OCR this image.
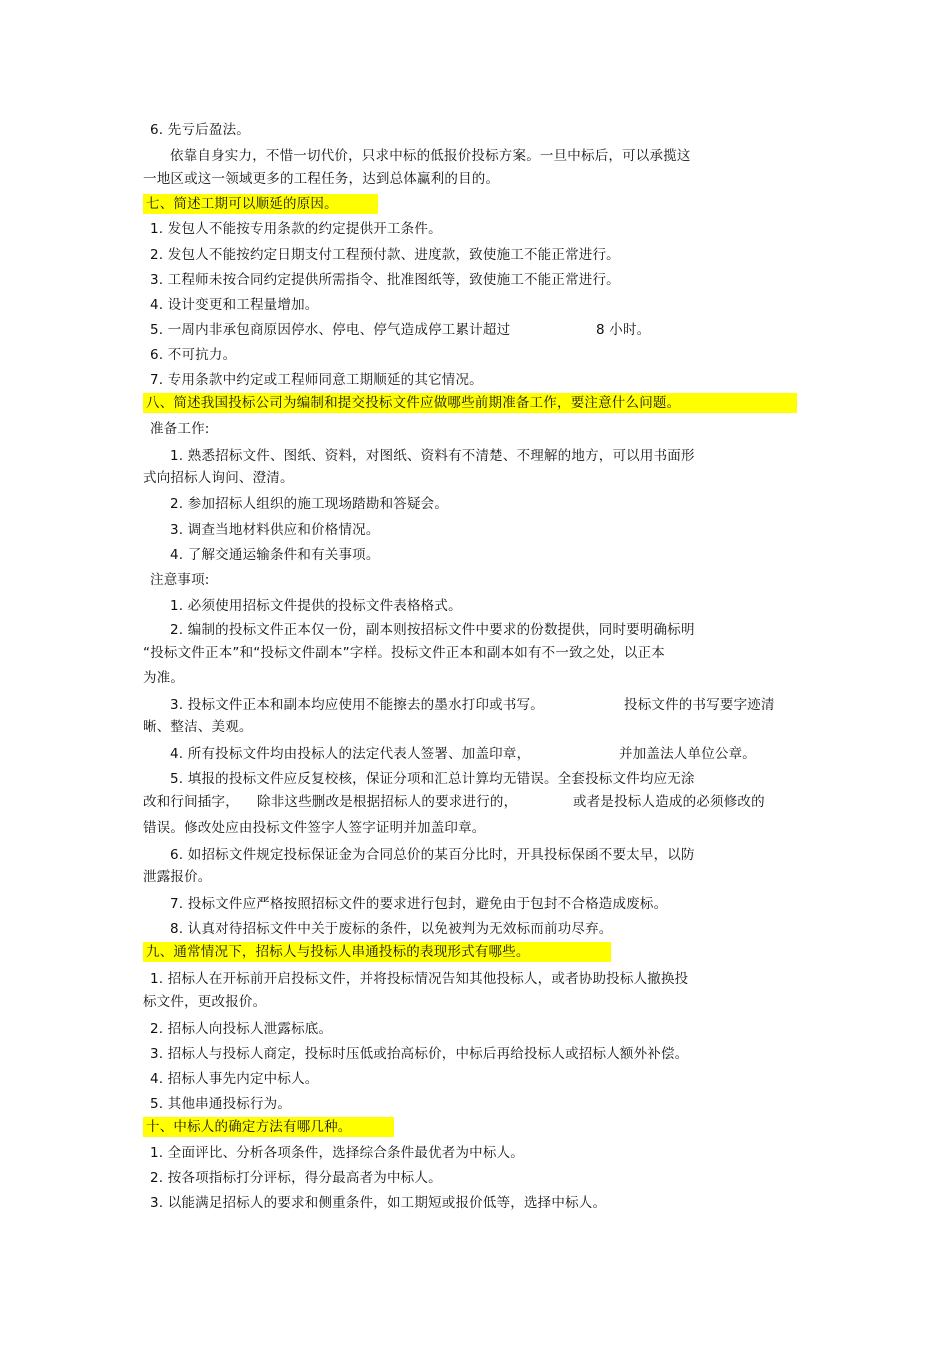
6. 先亏后盈法。
依靠自身实力，不惜一切代价，只求中标的低报价投标方案。一旦中标后，可以承揽这
一地区或这一领域更多的工程任务，达到总体赢利的目的。
七、简述工期可以顺延的原因。
1. 发包人不能按专用条款的约定提供开工条件。
2. 发包人不能按约定日期支付工程预付款、进度款，致使施工不能正常进行。
3. 工程师未按合同约定提供所需指令、批准图纸等，致使施工不能正常进行。
4. 设计变更和工程量增加。
5. 一周内非承包商原因停水、停电、停气造成停工累计超过	8 小时。
6. 不可抗力。
7. 专用条款中约定或工程师同意工期顺延的其它情况。
八、简述我国投标公司为编制和提交投标文件应做哪些前期准备工作，要注意什么问题。
准备工作:
1. 熟悉招标文件、图纸、资料，对图纸、资料有不清楚、不理解的地方，可以用书面形
式向招标人询问、澄清。
2. 参加招标人组织的施工现场踏勘和答疑会。
3. 调查当地材料供应和价格情况。
4. 了解交通运输条件和有关事项。
注意事项:
1. 必须使用招标文件提供的投标文件表格格式。
2. 编制的投标文件正本仅一份，副本则按招标文件中要求的份数提供，同时要明确标明
“投标文件正本”和“投标文件副本”字样。投标文件正本和副本如有不一致之处，以正本
为准。
3. 投标文件正本和副本均应使用不能擦去的墨水打印或书写。	投标文件的书写要字迹清
晰、整洁、美观。
4. 所有投标文件均由投标人的法定代表人签署、加盖印章，	并加盖法人单位公章。
5. 填报的投标文件应反复校核，保证分项和汇总计算均无错误。全套投标文件均应无涂
改和行间插字， 除非这些删改是根据招标人的要求进行的，	或者是投标人造成的必须修改的
错误。修改处应由投标文件签字人签字证明并加盖印章。
6. 如招标文件规定投标保证金为合同总价的某百分比时，开具投标保函不要太早，以防
泄露报价。
7. 投标文件应严格按照招标文件的要求进行包封，避免由于包封不合格造成废标。
8. 认真对待招标文件中关于废标的条件，以免被判为无效标而前功尽弃。
九、通常情况下，招标人与投标人串通投标的表现形式有哪些。
1. 招标人在开标前开启投标文件，并将投标情况告知其他投标人，或者协助投标人撤换投
标文件，更改报价。
2. 招标人向投标人泄露标底。
3. 招标人与投标人商定，投标时压低或抬高标价，中标后再给投标人或招标人额外补偿。
4. 招标人事先内定中标人。
5. 其他串通投标行为。
十、中标人的确定方法有哪几种。
1. 全面评比、分析各项条件，选择综合条件最优者为中标人。
2. 按各项指标打分评标，得分最高者为中标人。
3. 以能满足招标人的要求和侧重条件，如工期短或报价低等，选择中标人。
